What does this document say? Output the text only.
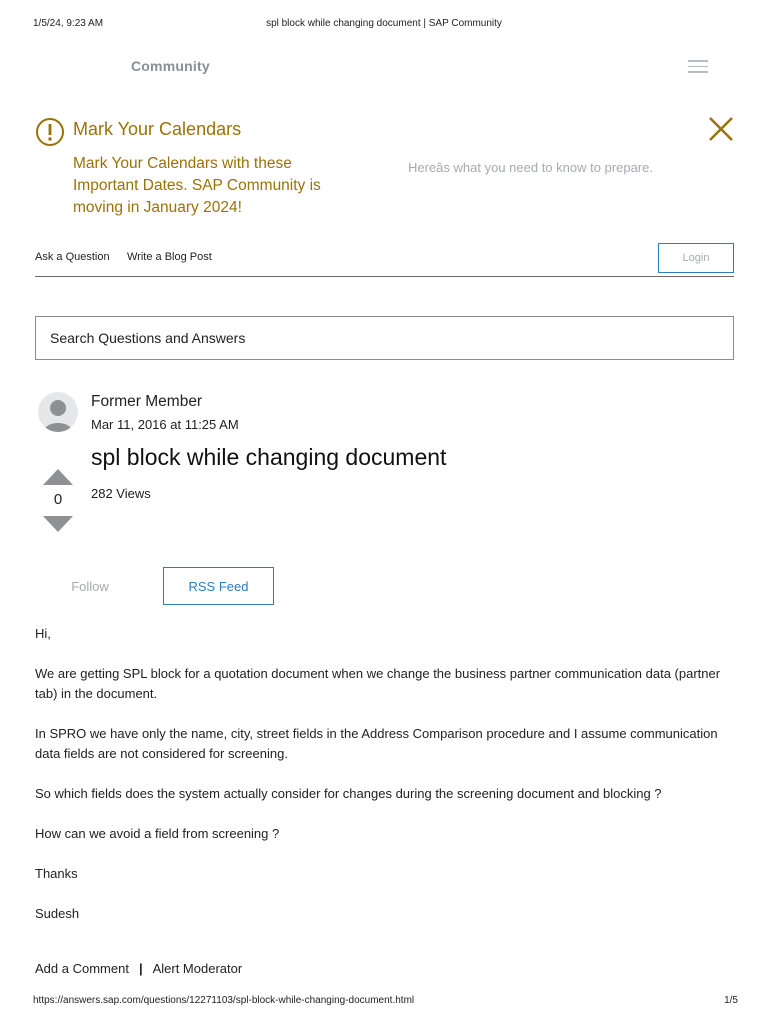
1/5/24, 9:23 AM	spl block while changing document | SAP Community
Community
Mark Your Calendars
Mark Your Calendars with these Important Dates. SAP Community is moving in January 2024!
Hereâs what you need to know to prepare.
Ask a Question Write a Blog Post	Login
Search Questions and Answers
Former Member
Mar 11, 2016 at 11:25 AM
spl block while changing document
282 Views
0
Follow	RSS Feed

Hi,

We are getting SPL block for a quotation document when we change the business partner communication data (partner tab) in the document.

In SPRO we have only the name, city, street fields in the Address Comparison procedure and I assume communication data fields are not considered for screening.

So which fields does the system actually consider for changes during the screening document and blocking ?

How can we avoid a field from screening ?

Thanks

Sudesh

Add a Comment | Alert Moderator
https://answers.sap.com/questions/12271103/spl-block-while-changing-document.html	1/5
